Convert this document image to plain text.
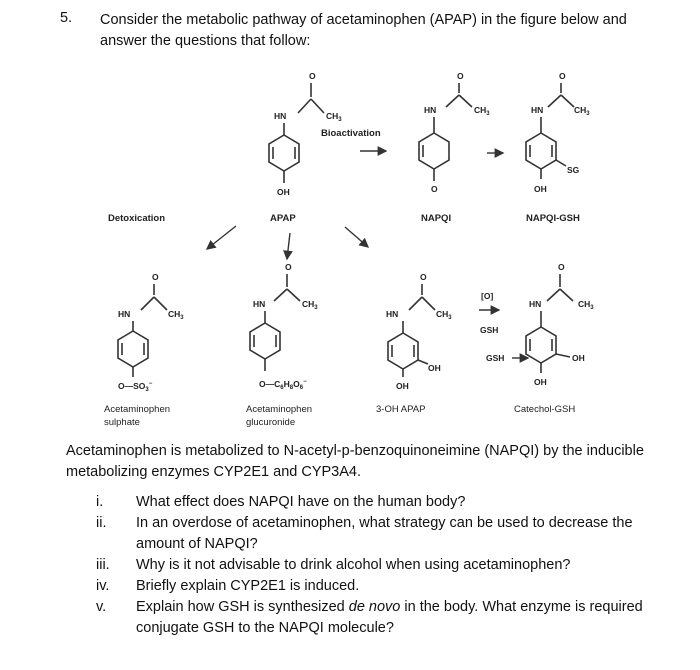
5. Consider the metabolic pathway of acetaminophen (APAP) in the figure below and answer the questions that follow:
O
HN	$CH_3$
OH
Bioactivation
O
HN	$CH_3$
O
O
HN	$CH_3$
SG
OH
Detoxication	APAP	NAPQI	NAPQI-GSH
O
HN	$CH_3$
$O—SO_3^-$
O
HN	$CH_3$
$O—C_6H_8O_6^-$
O
HN	$CH_3$
OH
OH
[O]
GSH
GSH
O
HN	$CH_3$
OH
OH
Acetaminophen
sulphate
Acetaminophen
glucuronide
3-OH APAP	Catechol-GSH
Acetaminophen is metabolized to N-acetyl-p-benzoquinoneimine (NAPQI) by the inducible metabolizing enzymes CYP2E1 and CYP3A4.
i. What effect does NAPQI have on the human body?
ii. In an overdose of acetaminophen, what strategy can be used to decrease the amount of NAPQI?
iii. Why is it not advisable to drink alcohol when using acetaminophen?
iv. Briefly explain CYP2E1 is induced.
v. Explain how GSH is synthesized de novo in the body. What enzyme is required conjugate GSH to the NAPQI molecule?
